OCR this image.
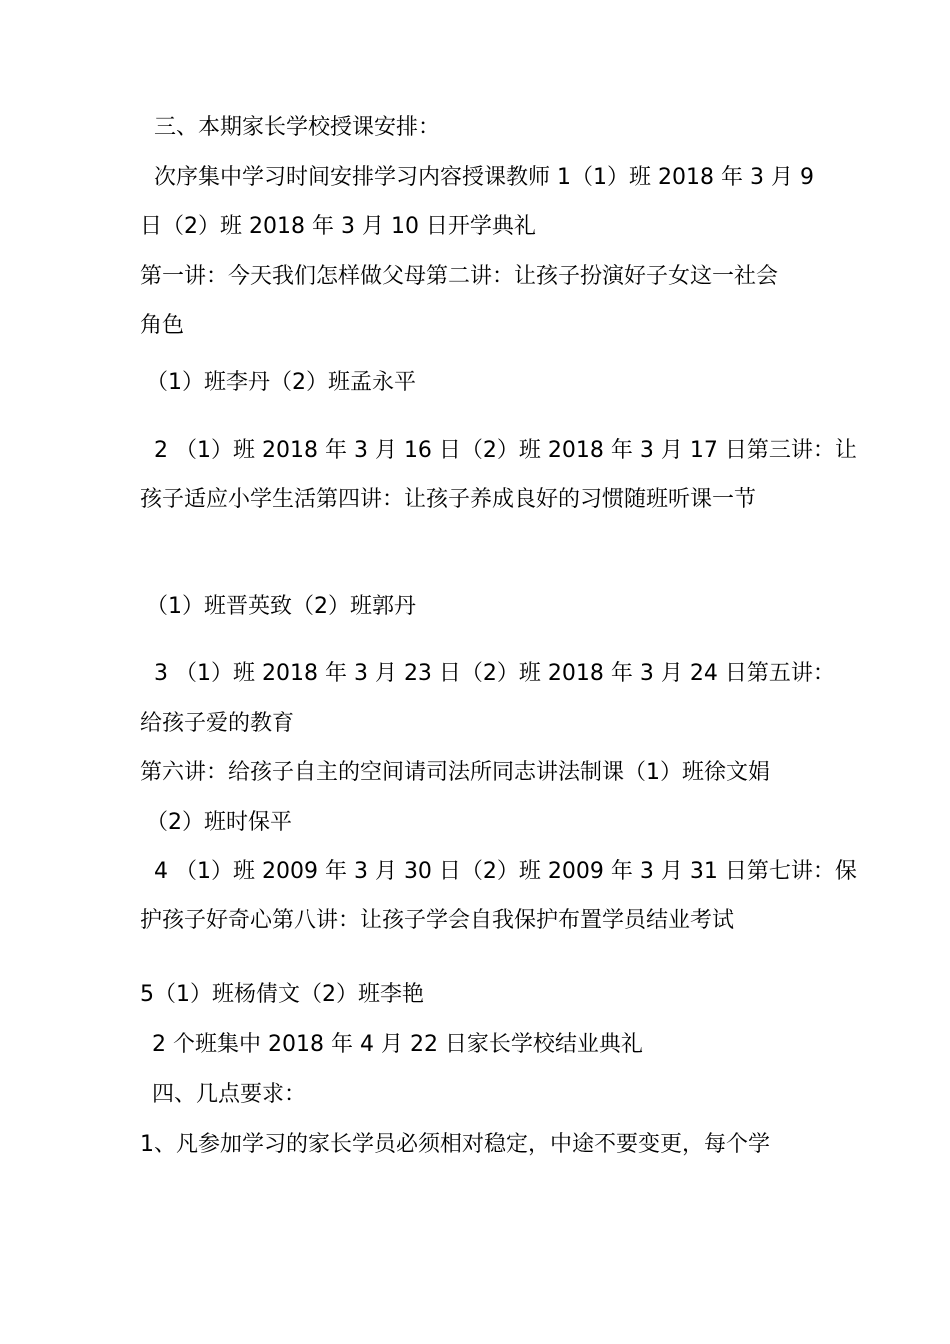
三、本期家长学校授课安排：
次序集中学习时间安排学习内容授课教师 1（1）班 2018 年 3 月 9
日（2）班 2018 年 3 月 10 日开学典礼
第一讲：今天我们怎样做父母第二讲：让孩子扮演好子女这一社会
角色
（1）班李丹（2）班孟永平
2 （1）班 2018 年 3 月 16 日（2）班 2018 年 3 月 17 日第三讲：让
孩子适应小学生活第四讲：让孩子养成良好的习惯随班听课一节
（1）班晋英致（2）班郭丹
3 （1）班 2018 年 3 月 23 日（2）班 2018 年 3 月 24 日第五讲：
给孩子爱的教育
第六讲：给孩子自主的空间请司法所同志讲法制课（1）班徐文娟
（2）班时保平
4 （1）班 2009 年 3 月 30 日（2）班 2009 年 3 月 31 日第七讲：保
护孩子好奇心第八讲：让孩子学会自我保护布置学员结业考试
5（1）班杨倩文（2）班李艳
2 个班集中 2018 年 4 月 22 日家长学校结业典礼
四、几点要求：
1、凡参加学习的家长学员必须相对稳定，中途不要变更，每个学
